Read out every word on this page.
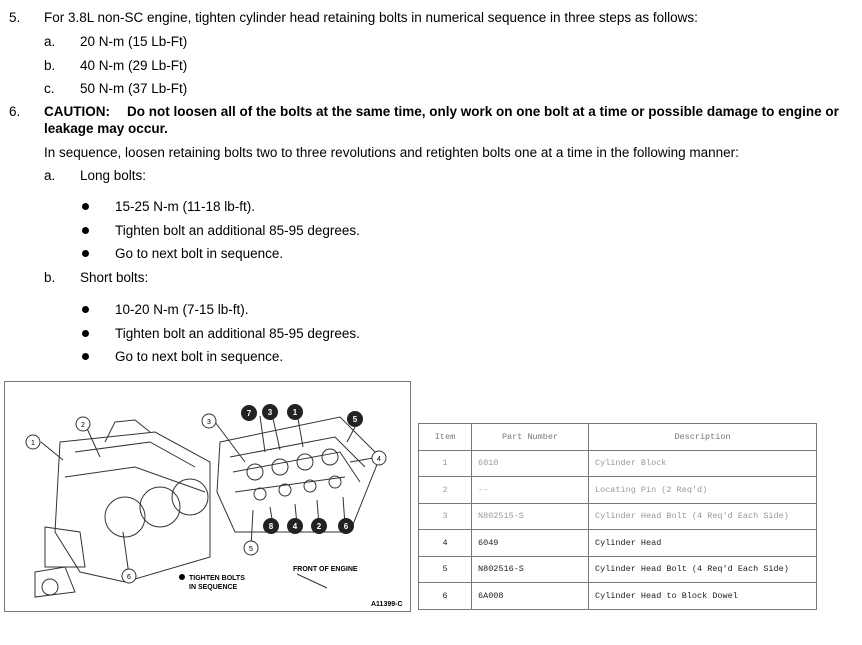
5. For 3.8L non-SC engine, tighten cylinder head retaining bolts in numerical sequence in three steps as follows:
a. 20 N-m (15 Lb-Ft)
b. 40 N-m (29 Lb-Ft)
c. 50 N-m (37 Lb-Ft)
6. CAUTION: Do not loosen all of the bolts at the same time, only work on one bolt at a time or possible damage to engine or
leakage may occur.
In sequence, loosen retaining bolts two to three revolutions and retighten bolts one at a time in the following manner:
a. Long bolts:
15-25 N-m (11-18 lb-ft).
Tighten bolt an additional 85-95 degrees.
Go to next bolt in sequence.
b. Short bolts:
10-20 N-m (7-15 lb-ft).
Tighten bolt an additional 85-95 degrees.
Go to next bolt in sequence.
1
2	3
4
5
6
7 3	1
5
8 4 2	6
TIGHTEN BOLTS
IN SEQUENCE
FRONT OF ENGINE
A11399-C
Item	Part Number	Description
1	6010	Cylinder Block
2	--	Locating Pin (2 Req'd)
3	N802515-S	Cylinder Head Bolt (4 Req'd Each Side)
4	6049	Cylinder Head
5	N802516-S	Cylinder Head Bolt (4 Req'd Each Side)
6	6A008	Cylinder Head to Block Dowel
